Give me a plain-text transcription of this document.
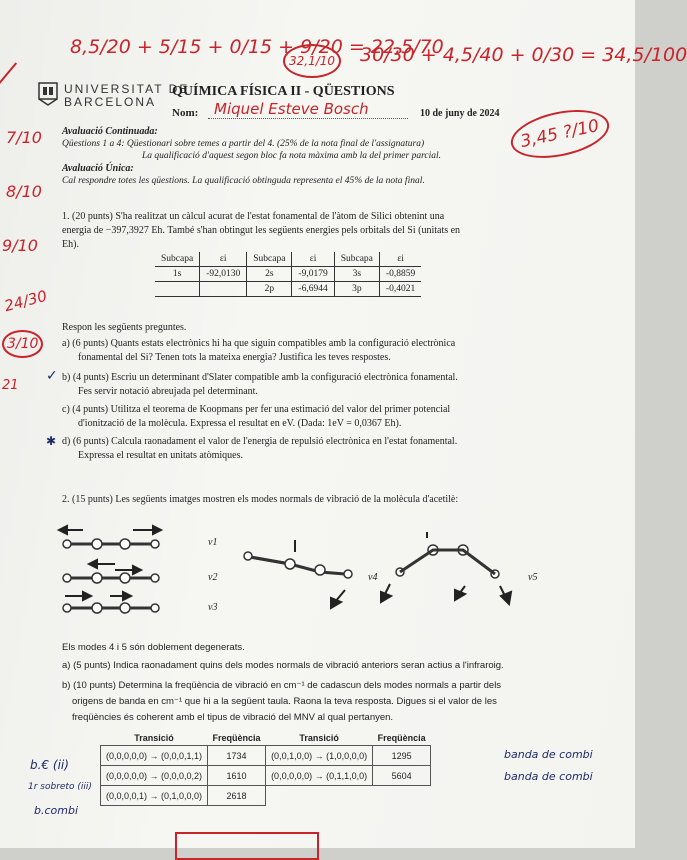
8,5/20 + 5/15 + 0/15 + 9/20 = 22,5/70
32,1/10	30/30 + 4,5/40 + 0/30 = 34,5/100
3,45 ?/10
UNIVERSITAT DE
BARCELONA
QUÍMICA FÍSICA II - QÜESTIONS
Nom: Miquel Esteve Bosch	10 de juny de 2024
7/10
8/10
9/10
24/30
3/10
21
Avaluació Continuada:
Qüestions 1 a 4: Qüestionari sobre temes a partir del 4. (25% de la nota final de l'assignatura)
La qualificació d'aquest segon bloc fa nota màxima amb la del primer parcial.
Avaluació Única:
Cal respondre totes les qüestions. La qualificació obtinguda representa el 45% de la nota final.
1. (20 punts) S'ha realitzat un càlcul acurat de l'estat fonamental de l'àtom de Silici obtenint una
energia de −397,3927 Eh. També s'han obtingut les següents energies pels orbitals del Si (unitats en
Eh).
Subcapa	εi	Subcapa	εi	Subcapa	εi
1s	-92,0130	2s	-9,0179	3s	-0,8859
		2p	-6,6944	3p	-0,4021
Respon les següents preguntes.
a) (6 punts) Quants estats electrònics hi ha que siguin compatibles amb la configuració electrònica
fonamental del Si? Tenen tots la mateixa energia? Justifica les teves respostes.
b) (4 punts) Escriu un determinant d'Slater compatible amb la configuració electrònica fonamental.
Fes servir notació abreujada pel determinant.
c) (4 punts) Utilitza el teorema de Koopmans per fer una estimació del valor del primer potencial
d'ionització de la molècula. Expressa el resultat en eV. (Dada: 1eV = 0,0367 Eh).
d) (6 punts) Calcula raonadament el valor de l'energia de repulsió electrònica en l'estat fonamental.
Expressa el resultat en unitats atòmiques.
✓
✱
2. (15 punts) Les següents imatges mostren els modes normals de vibració de la molècula d'acetilè:
ν1
ν2
ν3
ν4	ν5
Els modes 4 i 5 són doblement degenerats.
a) (5 punts) Indica raonadament quins dels modes normals de vibració anteriors seran actius a l'infraroig.
b) (10 punts) Determina la freqüència de vibració en cm⁻¹ de cadascun dels modes normals a partir dels
origens de banda en cm⁻¹ que hi a la següent taula. Raona la teva resposta. Digues si el valor de les
freqüències és coherent amb el tipus de vibració del MNV al qual pertanyen.
Transició	Freqüència	Transició	Freqüència
(0,0,0,0,0) → (0,0,0,1,1)	1734	(0,0,1,0,0) → (1,0,0,0,0)	1295
(0,0,0,0,0) → (0,0,0,0,2)	1610	(0,0,0,0,0) → (0,1,1,0,0)	5604
(0,0,0,0,1) → (0,1,0,0,0)	2618		
b.€ (ii)
1r sobreto (iii)
b.combi
banda de combi
banda de combi
